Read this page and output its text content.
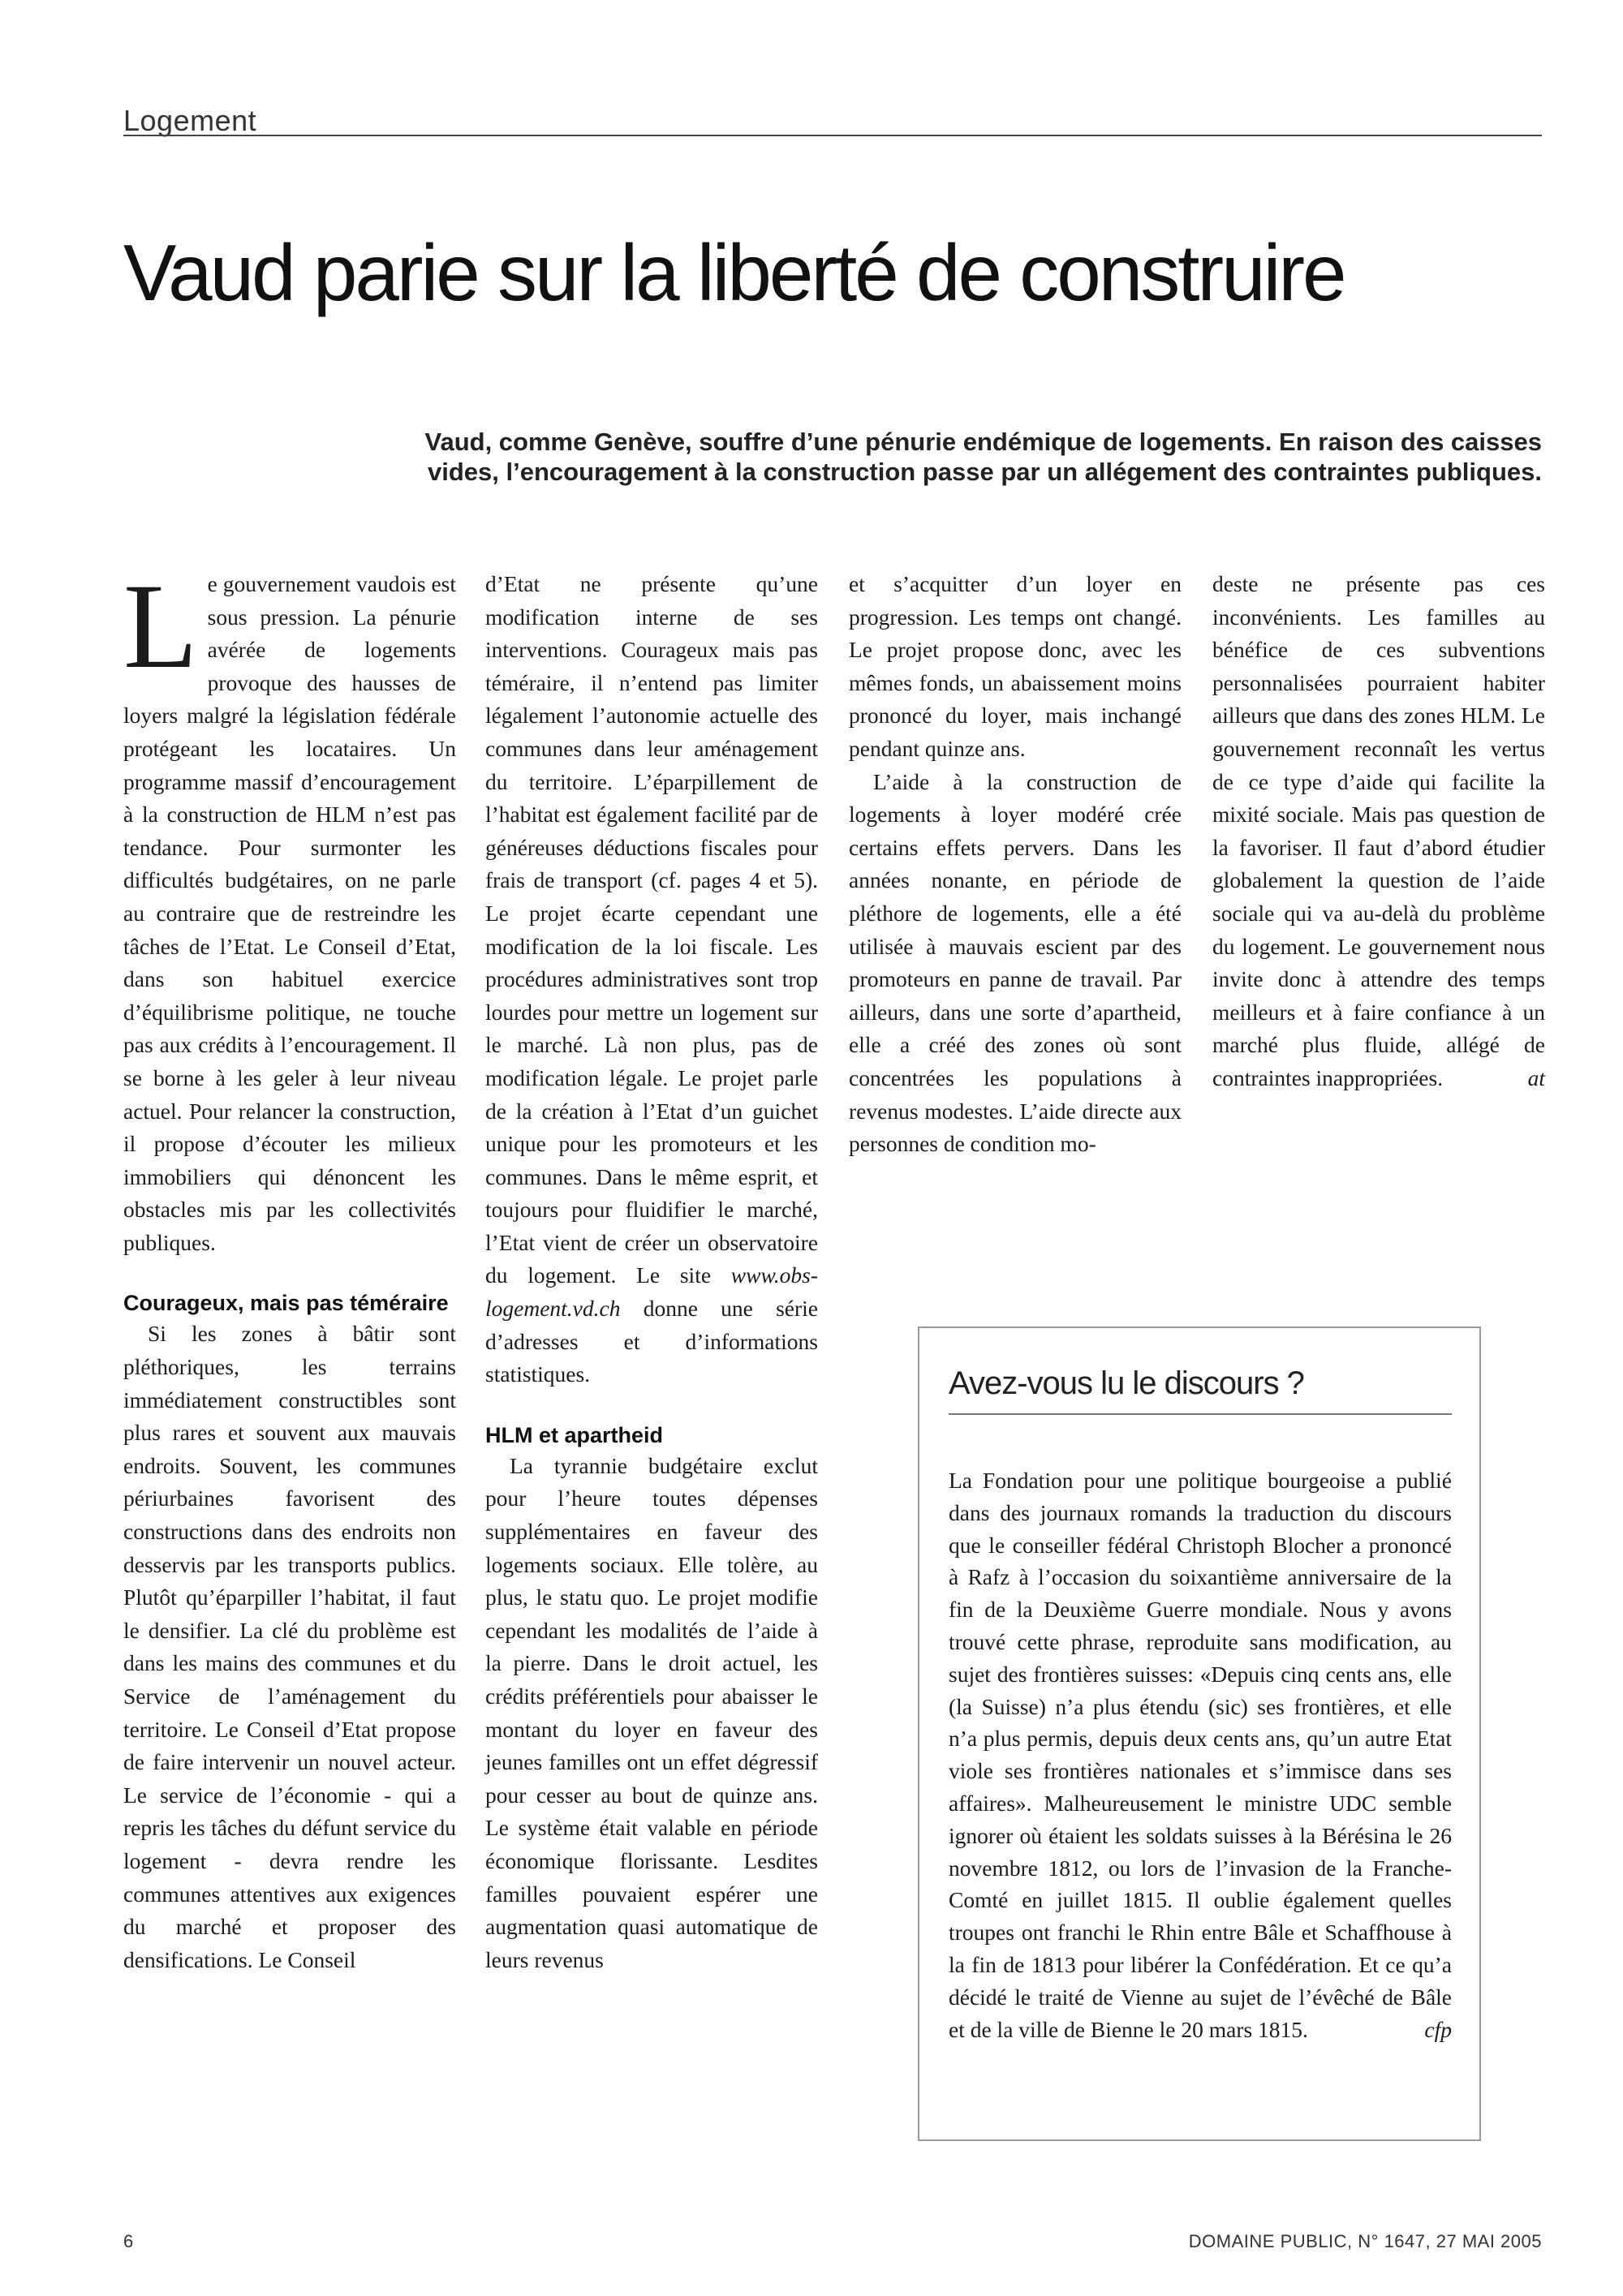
Logement
Vaud parie sur la liberté de construire
Vaud, comme Genève, souffre d’une pénurie endémique de logements. En raison des caisses vides, l’encouragement à la construction passe par un allégement des contraintes publiques.

Le gouvernement vaudois est sous pression. La pénurie avérée de logements provoque des hausses de loyers malgré la législation fédérale protégeant les locataires. Un programme massif d’encouragement à la construction de HLM n’est pas tendance. Pour surmonter les difficultés budgétaires, on ne parle au contraire que de restreindre les tâches de l’Etat. Le Conseil d’Etat, dans son habituel exercice d’équilibrisme politique, ne touche pas aux crédits à l’encouragement. Il se borne à les geler à leur niveau actuel. Pour relancer la construction, il propose d’écouter les milieux immobiliers qui dénoncent les obstacles mis par les collectivités publiques.

Courageux, mais pas téméraire

Si les zones à bâtir sont pléthoriques, les terrains immédiatement constructibles sont plus rares et souvent aux mauvais endroits. Souvent, les communes périurbaines favorisent des constructions dans des endroits non desservis par les transports publics. Plutôt qu’éparpiller l’habitat, il faut le densifier. La clé du problème est dans les mains des communes et du Service de l’aménagement du territoire. Le Conseil d’Etat propose de faire intervenir un nouvel acteur. Le service de l’économie - qui a repris les tâches du défunt service du logement - devra rendre les communes attentives aux exigences du marché et proposer des densifications. Le Conseil

d’Etat ne présente qu’une modification interne de ses interventions. Courageux mais pas téméraire, il n’entend pas limiter légalement l’autonomie actuelle des communes dans leur aménagement du territoire. L’éparpillement de l’habitat est également facilité par de généreuses déductions fiscales pour frais de transport (cf. pages 4 et 5). Le projet écarte cependant une modification de la loi fiscale. Les procédures administratives sont trop lourdes pour mettre un logement sur le marché. Là non plus, pas de modification légale. Le projet parle de la création à l’Etat d’un guichet unique pour les promoteurs et les communes. Dans le même esprit, et toujours pour fluidifier le marché, l’Etat vient de créer un observatoire du logement. Le site www.obs-logement.vd.ch donne une série d’adresses et d’informations statistiques.

HLM et apartheid

La tyrannie budgétaire exclut pour l’heure toutes dépenses supplémentaires en faveur des logements sociaux. Elle tolère, au plus, le statu quo. Le projet modifie cependant les modalités de l’aide à la pierre. Dans le droit actuel, les crédits préférentiels pour abaisser le montant du loyer en faveur des jeunes familles ont un effet dégressif pour cesser au bout de quinze ans. Le système était valable en période économique florissante. Lesdites familles pouvaient espérer une augmentation quasi automatique de leurs revenus

et s’acquitter d’un loyer en progression. Les temps ont changé. Le projet propose donc, avec les mêmes fonds, un abaissement moins prononcé du loyer, mais inchangé pendant quinze ans.

L’aide à la construction de logements à loyer modéré crée certains effets pervers. Dans les années nonante, en période de pléthore de logements, elle a été utilisée à mauvais escient par des promoteurs en panne de travail. Par ailleurs, dans une sorte d’apartheid, elle a créé des zones où sont concentrées les populations à revenus modestes. L’aide directe aux personnes de condition mo-

deste ne présente pas ces inconvénients. Les familles au bénéfice de ces subventions personnalisées pourraient habiter ailleurs que dans des zones HLM. Le gouvernement reconnaît les vertus de ce type d’aide qui facilite la mixité sociale. Mais pas question de la favoriser. Il faut d’abord étudier globalement la question de l’aide sociale qui va au-delà du problème du logement. Le gouvernement nous invite donc à attendre des temps meilleurs et à faire confiance à un marché plus fluide, allégé de contraintes inappropriées.	at

Avez-vous lu le discours ?

La Fondation pour une politique bourgeoise a publié dans des journaux romands la traduction du discours que le conseiller fédéral Christoph Blocher a prononcé à Rafz à l’occasion du soixantième anniversaire de la fin de la Deuxième Guerre mondiale. Nous y avons trouvé cette phrase, reproduite sans modification, au sujet des frontières suisses: «Depuis cinq cents ans, elle (la Suisse) n’a plus étendu (sic) ses frontières, et elle n’a plus permis, depuis deux cents ans, qu’un autre Etat viole ses frontières nationales et s’immisce dans ses affaires». Malheureusement le ministre UDC semble ignorer où étaient les soldats suisses à la Bérésina le 26 novembre 1812, ou lors de l’invasion de la Franche-Comté en juillet 1815. Il oublie également quelles troupes ont franchi le Rhin entre Bâle et Schaffhouse à la fin de 1813 pour libérer la Confédération. Et ce qu’a décidé le traité de Vienne au sujet de l’évêché de Bâle et de la ville de Bienne le 20 mars 1815.	cfp

6	DOMAINE PUBLIC, N° 1647, 27 MAI 2005
